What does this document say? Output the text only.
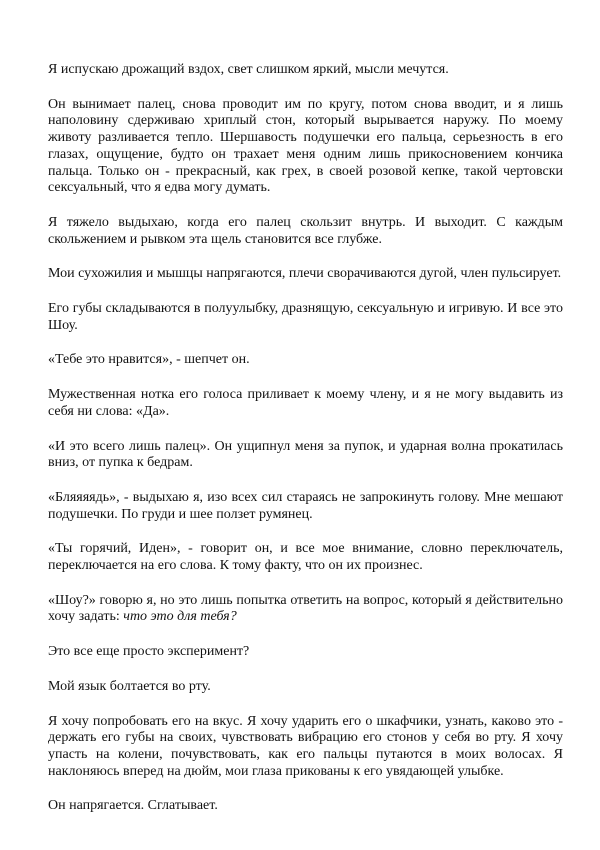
Я испускаю дрожащий вздох, свет слишком яркий, мысли мечутся.

Он вынимает палец, снова проводит им по кругу, потом снова вводит, и я лишь наполовину сдерживаю хриплый стон, который вырывается наружу. По моему животу разливается тепло. Шершавость подушечки его пальца, серьезность в его глазах, ощущение, будто он трахает меня одним лишь прикосновением кончика пальца. Только он - прекрасный, как грех, в своей розовой кепке, такой чертовски сексуальный, что я едва могу думать.

Я тяжело выдыхаю, когда его палец скользит внутрь. И выходит. С каждым скольжением и рывком эта щель становится все глубже.

Мои сухожилия и мышцы напрягаются, плечи сворачиваются дугой, член пульсирует.

Его губы складываются в полуулыбку, дразнящую, сексуальную и игривую. И все это Шоу.

«Тебе это нравится», - шепчет он.

Мужественная нотка его голоса приливает к моему члену, и я не могу выдавить из себя ни слова: «Да».

«И это всего лишь палец». Он ущипнул меня за пупок, и ударная волна прокатилась вниз, от пупка к бедрам.

«Бляяяядь», - выдыхаю я, изо всех сил стараясь не запрокинуть голову. Мне мешают подушечки. По груди и шее ползет румянец.

«Ты горячий, Иден», - говорит он, и все мое внимание, словно переключатель, переключается на его слова. К тому факту, что он их произнес.

«Шоу?» говорю я, но это лишь попытка ответить на вопрос, который я действительно хочу задать: что это для тебя?

Это все еще просто эксперимент?

Мой язык болтается во рту.

Я хочу попробовать его на вкус. Я хочу ударить его о шкафчики, узнать, каково это - держать его губы на своих, чувствовать вибрацию его стонов у себя во рту. Я хочу упасть на колени, почувствовать, как его пальцы путаются в моих волосах. Я наклоняюсь вперед на дюйм, мои глаза прикованы к его увядающей улыбке.

Он напрягается. Сглатывает.
